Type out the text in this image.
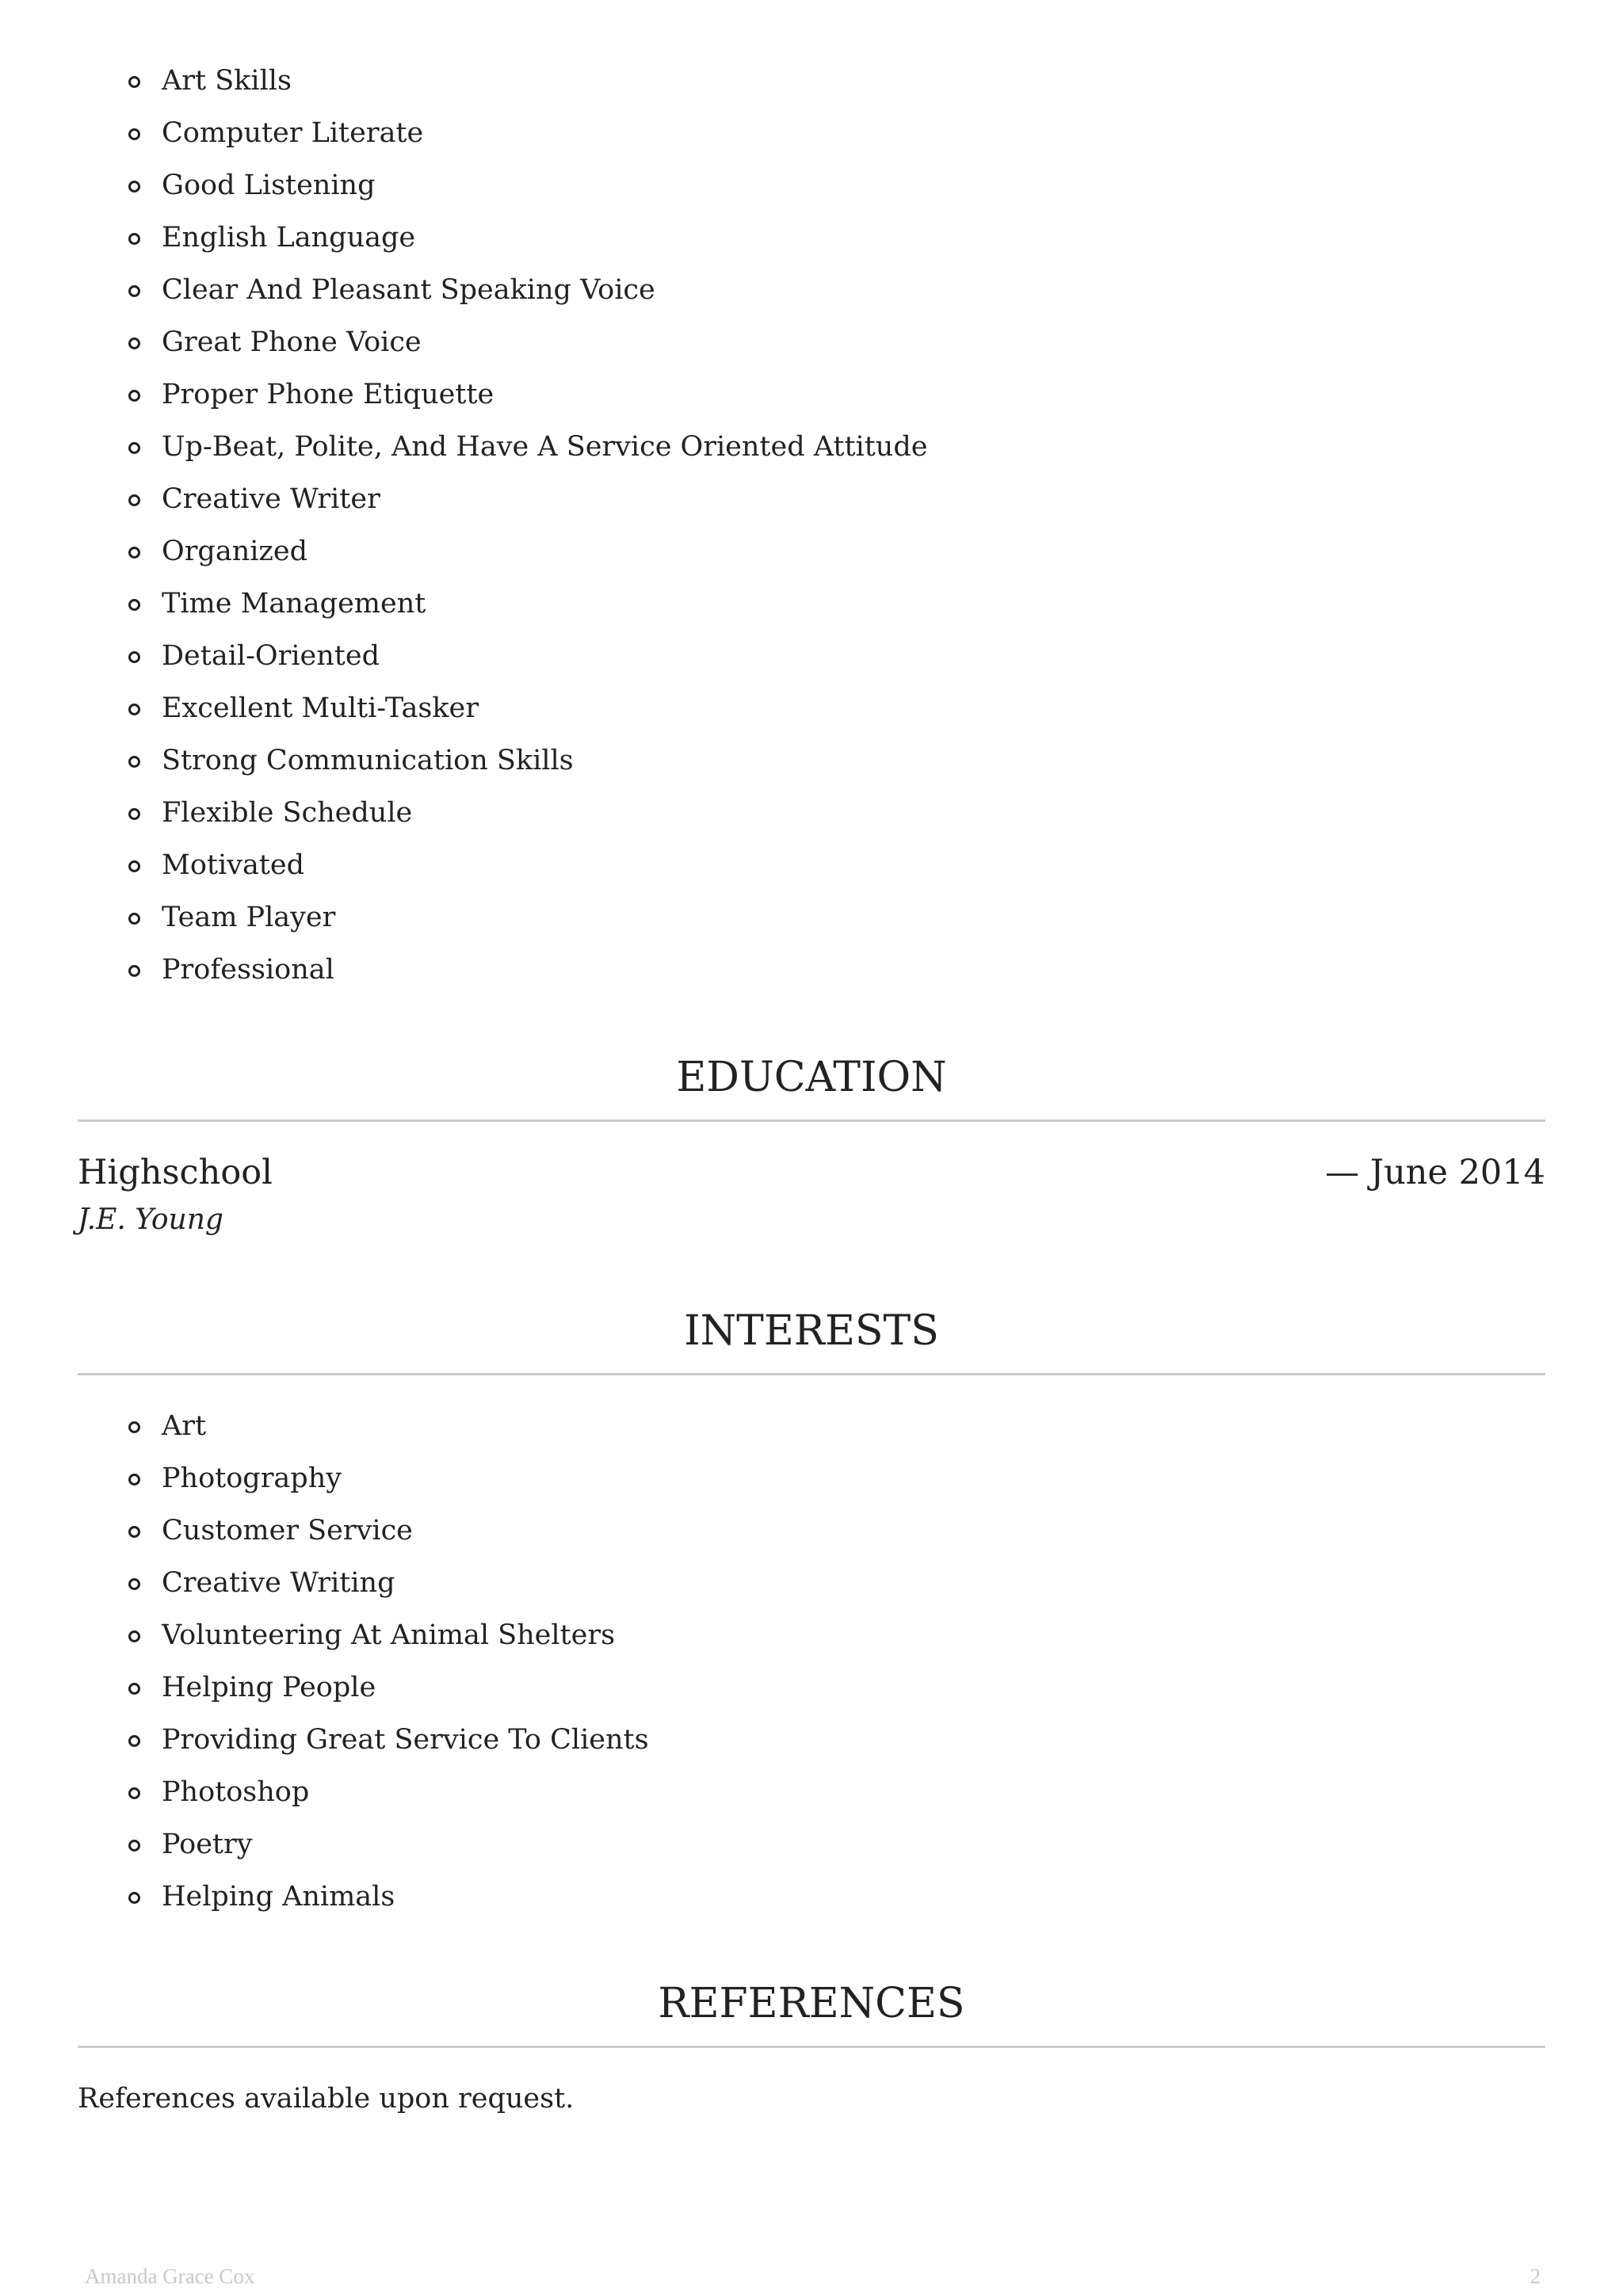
Art Skills
Computer Literate
Good Listening
English Language
Clear And Pleasant Speaking Voice
Great Phone Voice
Proper Phone Etiquette
Up-Beat, Polite, And Have A Service Oriented Attitude
Creative Writer
Organized
Time Management
Detail-Oriented
Excellent Multi-Tasker
Strong Communication Skills
Flexible Schedule
Motivated
Team Player
Professional
EDUCATION
Highschool	— June 2014
J.E. Young
INTERESTS
Art
Photography
Customer Service
Creative Writing
Volunteering At Animal Shelters
Helping People
Providing Great Service To Clients
Photoshop
Poetry
Helping Animals
REFERENCES
References available upon request.
Amanda Grace Cox	2
